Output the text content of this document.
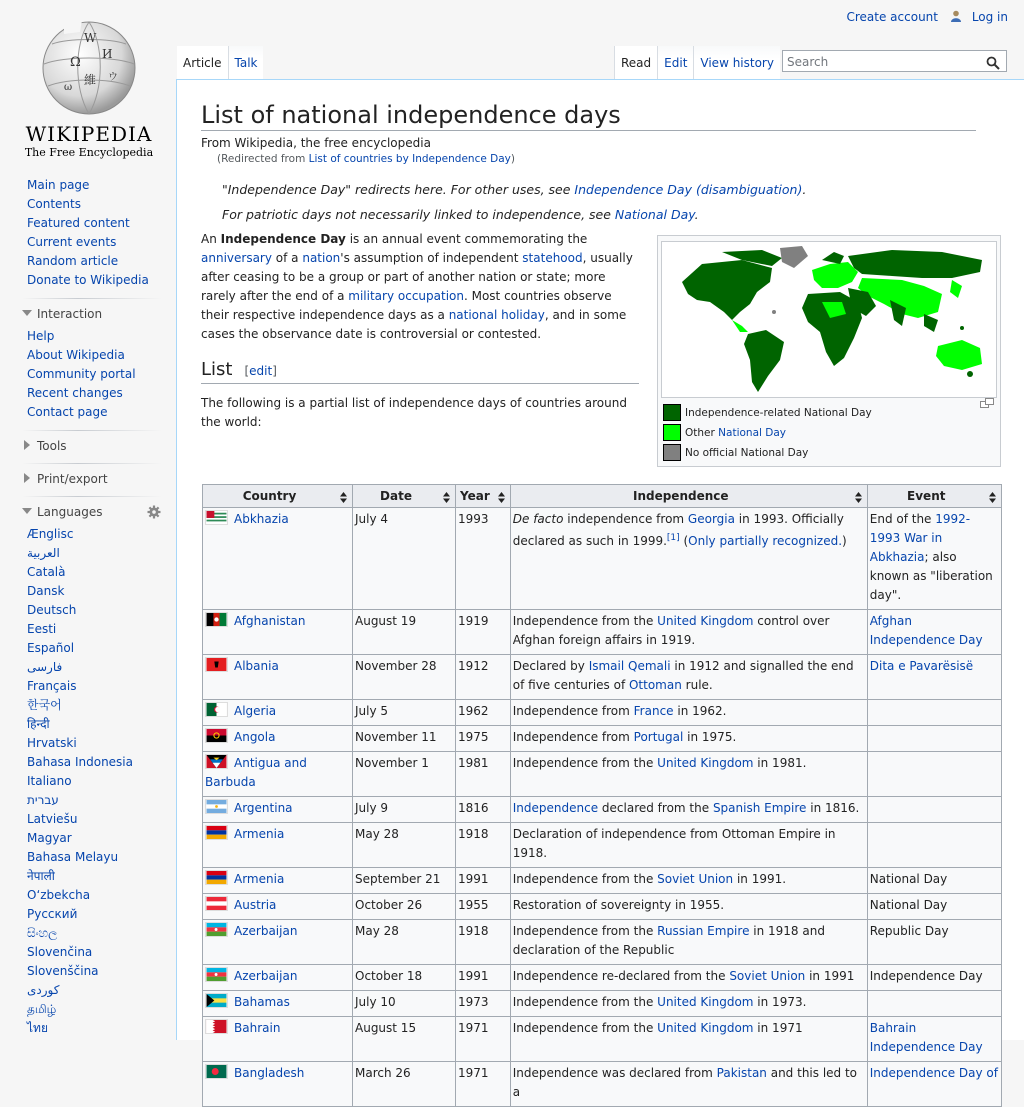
Create account	Log in
W
И
Ω
維 ウ
ω
WIKIPEDIA
The Free Encyclopedia
Main page
Contents
Featured content
Current events
Random article
Donate to Wikipedia
Interaction
Help
About Wikipedia
Community portal
Recent changes
Contact page
Tools
Print/export
Languages
Ænglisc
العربية
Català
Dansk
Deutsch
Eesti
Español
فارسی
Français
한국어
हिन्दी
Hrvatski
Bahasa Indonesia
Italiano
עברית
Latviešu
Magyar
Bahasa Melayu
नेपाली
O‘zbekcha
Русский
සිංහල
Slovenčina
Slovenščina
کوردی
தமிழ்
ไทย
Article	Talk	Read	Edit	View history
Search
List of national independence days
From Wikipedia, the free encyclopedia
(Redirected from List of countries by Independence Day)
"Independence Day" redirects here. For other uses, see Independence Day (disambiguation).
For patriotic days not necessarily linked to independence, see National Day.

An Independence Day is an annual event commemorating the anniversary of a nation's assumption of independent statehood, usually after ceasing to be a group or part of another nation or state; more rarely after the end of a military occupation. Most countries observe their respective independence days as a national holiday, and in some cases the observance date is controversial or contested.

Independence-related National Day
Other
National Day
No official National Day
List [edit]

The following is a partial list of independence days of countries around the world:

Country	Date	Year	Independence	Event

Abkhazia	July 4	1993	De facto independence from Georgia in 1993. Officially declared as such in 1999.[1] (Only partially recognized.)	End of the 1992-1993 War in Abkhazia; also known as "liberation day".
Afghanistan	August 19	1919	Independence from the United Kingdom control over Afghan foreign affairs in 1919.	Afghan Independence Day
Albania	November 28	1912	Declared by Ismail Qemali in 1912 and signalled the end of five centuries of Ottoman rule.	Dita e Pavarësisë
Algeria	July 5	1962	Independence from France in 1962.	
Angola	November 11	1975	Independence from Portugal in 1975.	
Antigua and Barbuda	November 1	1981	Independence from the United Kingdom in 1981.	
Argentina	July 9	1816	Independence declared from the Spanish Empire in 1816.	
Armenia	May 28	1918	Declaration of independence from Ottoman Empire in 1918.	
Armenia	September 21	1991	Independence from the Soviet Union in 1991.	National Day
Austria	October 26	1955	Restoration of sovereignty in 1955.	National Day
Azerbaijan	May 28	1918	Independence from the Russian Empire in 1918 and declaration of the Republic	Republic Day
Azerbaijan	October 18	1991	Independence re-declared from the Soviet Union in 1991	Independence Day
Bahamas	July 10	1973	Independence from the United Kingdom in 1973.	
Bahrain	August 15	1971	Independence from the United Kingdom in 1971	Bahrain Independence Day
Bangladesh	March 26	1971	Independence was declared from Pakistan and this led to a	Independence Day of
